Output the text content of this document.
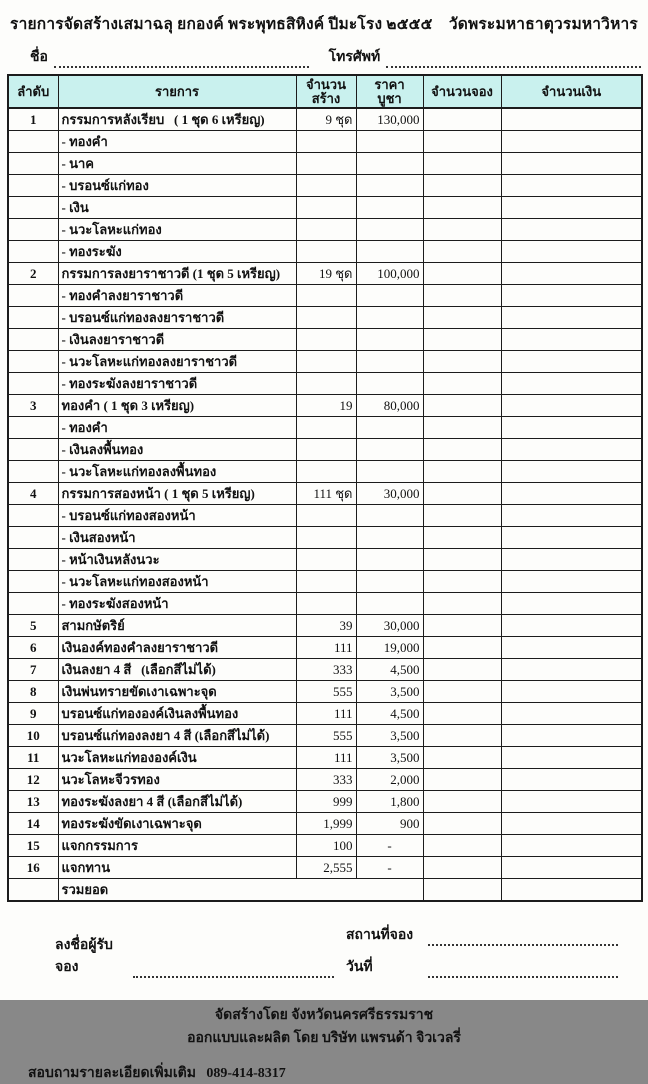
รายการจัดสร้างเสมาฉลุ ยกองค์ พระพุทธสิหิงค์ ปีมะโรง ๒๕๕๕    วัดพระมหาธาตุวรมหาวิหาร
ชื่อ	โทรศัพท์
ลำดับ	รายการ	จำนวน
สร้าง	ราคา
บูชา	จำนวนจอง	จำนวนเงิน
1	กรรมการหลังเรียบ   ( 1 ชุด 6 เหรียญ)	9 ชุด	130,000		
	- ทองคำ				
	- นาค				
	- บรอนซ์แก่ทอง				
	- เงิน				
	- นวะโลหะแก่ทอง				
	- ทองระฆัง				
2	กรรมการลงยาราชาวดี (1 ชุด 5 เหรียญ)	19 ชุด	100,000		
	- ทองคำลงยาราชาวดี				
	- บรอนซ์แก่ทองลงยาราชาวดี				
	- เงินลงยาราชาวดี				
	- นวะโลหะแก่ทองลงยาราชาวดี				
	- ทองระฆังลงยาราชาวดี				
3	ทองคำ ( 1 ชุด 3 เหรียญ)	19	80,000		
	- ทองคำ				
	- เงินลงพื้นทอง				
	- นวะโลหะแก่ทองลงพื้นทอง				
4	กรรมการสองหน้า ( 1 ชุด 5 เหรียญ)	111 ชุด	30,000		
	- บรอนซ์แก่ทองสองหน้า				
	- เงินสองหน้า				
	- หน้าเงินหลังนวะ				
	- นวะโลหะแก่ทองสองหน้า				
	- ทองระฆังสองหน้า				
5	สามกษัตริย์	39	30,000		
6	เงินองค์ทองคำลงยาราชาวดี	111	19,000		
7	เงินลงยา 4 สี   (เลือกสีไม่ได้)	333	4,500		
8	เงินพ่นทรายขัดเงาเฉพาะจุด	555	3,500		
9	บรอนซ์แก่ทององค์เงินลงพื้นทอง	111	4,500		
10	บรอนซ์แก่ทองลงยา 4 สี (เลือกสีไม่ได้)	555	3,500		
11	นวะโลหะแก่ทององค์เงิน	111	3,500		
12	นวะโลหะจีวรทอง	333	2,000		
13	ทองระฆังลงยา 4 สี (เลือกสีไม่ได้)	999	1,800		
14	ทองระฆังขัดเงาเฉพาะจุด	1,999	900		
15	แจกกรรมการ	100	-		
16	แจกทาน	2,555	-		
	รวมยอด				
ลงชื่อผู้รับจอง
สถานที่จอง
วันที่
จัดสร้างโดย จังหวัดนครศรีธรรมราช
ออกแบบและผลิต โดย บริษัท แพรนด้า จิวเวลรี่
สอบถามรายละเอียดเพิ่มเติม   089-414-8317
